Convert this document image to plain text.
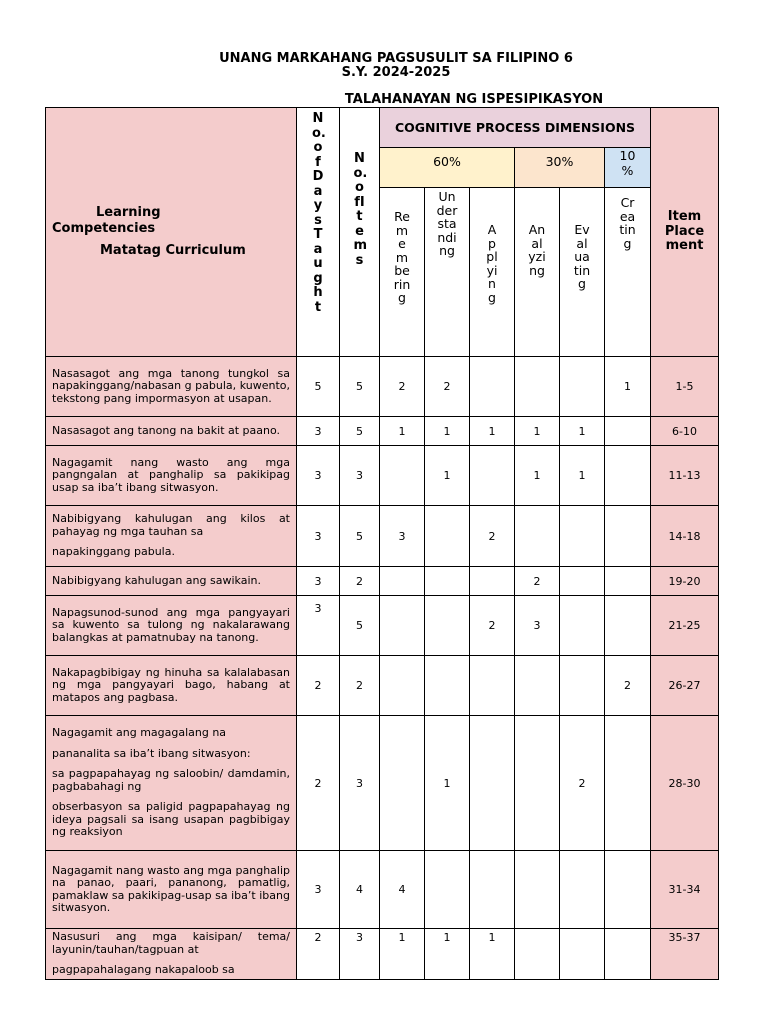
UNANG MARKAHANG PAGSUSULIT SA FILIPINO 6
S.Y. 2024-2025
TALAHANAYAN NG ISPESIPIKASYON
Learning
Competencies
Matatag Curriculum	No.ofDaysTaught	No.ofItems	COGNITIVE PROCESS DIMENSIONS						Item Placement

			60%			30%		10 %	

			Remembering	Understanding	Applying	Analyzing	Evaluating	Creating	

Nasasagot ang mga tanong tungkol sa napakinggang/nabasan g pabula, kuwento, tekstong pang impormasyon at usapan.	5	5	2	2				1	1-5

Nasasagot ang tanong na bakit at paano.	3	5	1	1	1	1	1		6-10

Nagagamit nang wasto ang mga pangngalan at panghalip sa pakikipag usap sa iba’t ibang sitwasyon.	3	3		1		1	1		11-13

Nabibigyang kahulugan ang kilos at pahayag ng mga tauhan sa

napakinggang pabula.	3	5	3		2				14-18

Nabibigyang kahulugan ang sawikain.	3	2				2			19-20

Napagsunod-sunod ang mga pangyayari sa kuwento sa tulong ng nakalarawang balangkas at pamatnubay na tanong.	3	5			2	3			21-25

Nakapagbibigay ng hinuha sa kalalabasan ng mga pangyayari bago, habang at matapos ang pagbasa.	2	2						2	26-27

Nagagamit ang magagalang na

pananalita sa iba’t ibang sitwasyon:

sa pagpapahayag ng saloobin/ damdamin, pagbabahagi ng

obserbasyon sa paligid pagpapahayag ng ideya pagsali sa isang usapan pagbibigay ng reaksiyon	2	3		1			2		28-30

Nagagamit nang wasto ang mga panghalip na panao, paari, pananong, pamatlig, pamaklaw sa pakikipag-usap sa iba’t ibang sitwasyon.	3	4	4						31-34

Nasusuri ang mga kaisipan/ tema/ layunin/tauhan/tagpuan at

pagpapahalagang nakapaloob sa	2	3	1	1	1				35-37
